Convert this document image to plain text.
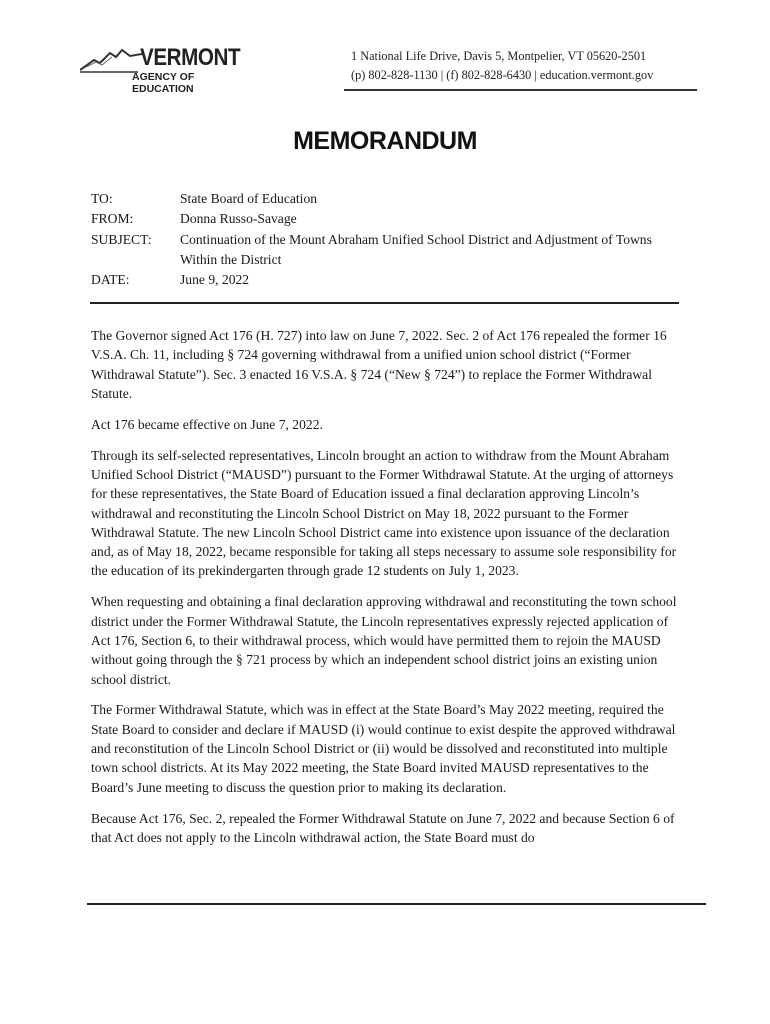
VERMONT
AGENCY OF EDUCATION
1 National Life Drive, Davis 5, Montpelier, VT 05620-2501
(p) 802-828-1130 | (f) 802-828-6430 | education.vermont.gov
MEMORANDUM
TO:	State Board of Education
FROM:	Donna Russo-Savage
SUBJECT:	Continuation of the Mount Abraham Unified School District and Adjustment of Towns Within the District
DATE:	June 9, 2022

The Governor signed Act 176 (H. 727) into law on June 7, 2022. Sec. 2 of Act 176 repealed the former 16 V.S.A. Ch. 11, including § 724 governing withdrawal from a unified union school district (“Former Withdrawal Statute”). Sec. 3 enacted 16 V.S.A. § 724 (“New § 724”) to replace the Former Withdrawal Statute.

Act 176 became effective on June 7, 2022.

Through its self-selected representatives, Lincoln brought an action to withdraw from the Mount Abraham Unified School District (“MAUSD”) pursuant to the Former Withdrawal Statute. At the urging of attorneys for these representatives, the State Board of Education issued a final declaration approving Lincoln’s withdrawal and reconstituting the Lincoln School District on May 18, 2022 pursuant to the Former Withdrawal Statute. The new Lincoln School District came into existence upon issuance of the declaration and, as of May 18, 2022, became responsible for taking all steps necessary to assume sole responsibility for the education of its prekindergarten through grade 12 students on July 1, 2023.

When requesting and obtaining a final declaration approving withdrawal and reconstituting the town school district under the Former Withdrawal Statute, the Lincoln representatives expressly rejected application of Act 176, Section 6, to their withdrawal process, which would have permitted them to rejoin the MAUSD without going through the § 721 process by which an independent school district joins an existing union school district.

The Former Withdrawal Statute, which was in effect at the State Board’s May 2022 meeting, required the State Board to consider and declare if MAUSD (i) would continue to exist despite the approved withdrawal and reconstitution of the Lincoln School District or (ii) would be dissolved and reconstituted into multiple town school districts. At its May 2022 meeting, the State Board invited MAUSD representatives to the Board’s June meeting to discuss the question prior to making its declaration.

Because Act 176, Sec. 2, repealed the Former Withdrawal Statute on June 7, 2022 and because Section 6 of that Act does not apply to the Lincoln withdrawal action, the State Board must do
